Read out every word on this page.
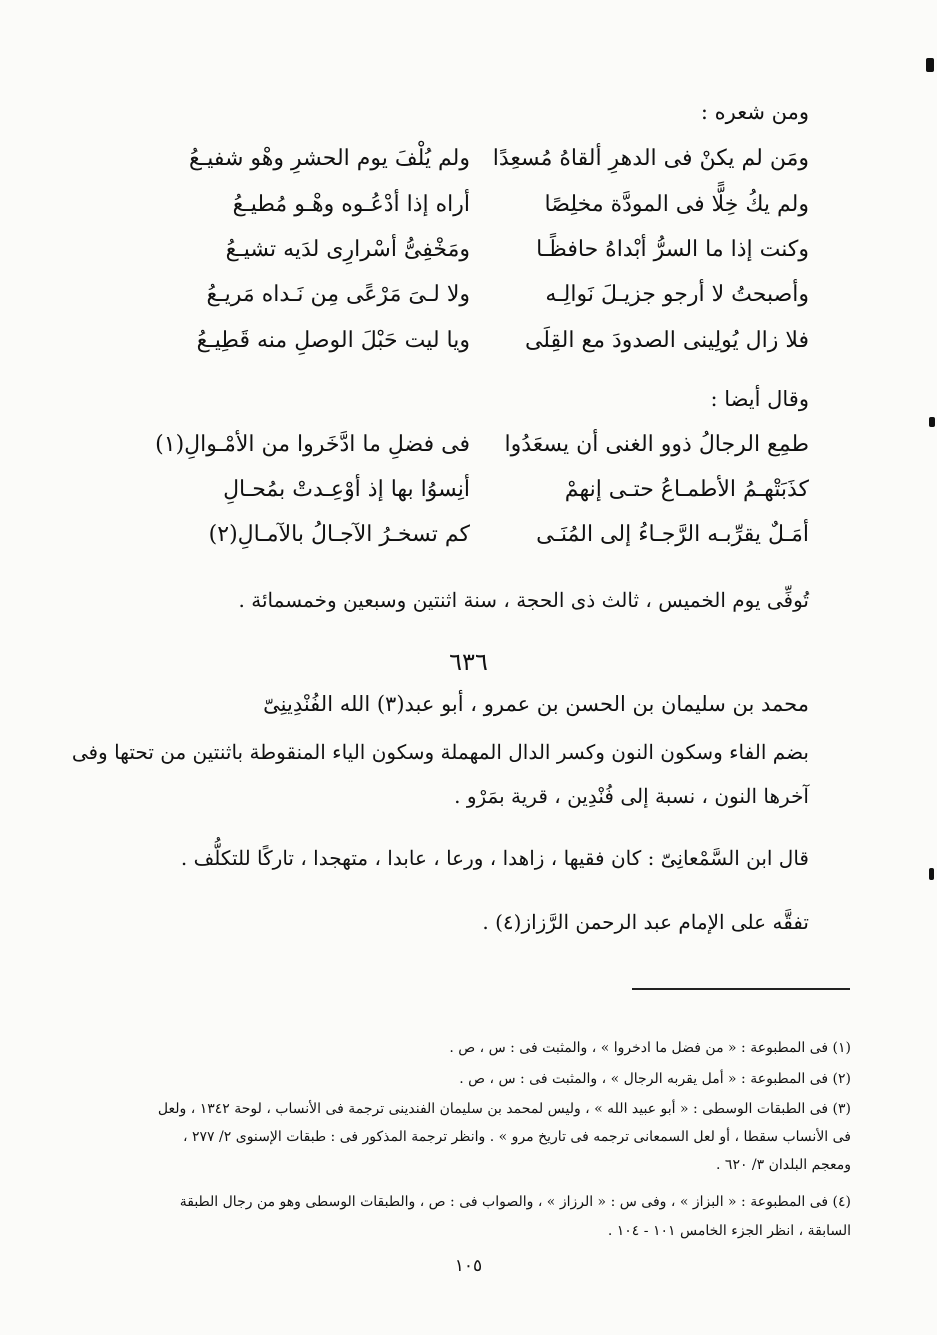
ومن شعره :
ومَن لم يكنْ فى الدهرِ ألقاهُ مُسعِدًا
ولم يُلْفَ يوم الحشرِ وهْو شفيـعُ
ولم يكُ خِلًّا فى المودَّة مخلِصًا
أراه إذا أدْعُـوه وهْـو مُطيـعُ
وكنت إذا ما السرُّ أبْداهُ حافظًـا
ومَخْفِىُّ أسْرارِى لدَيه تشيـعُ
وأصبحتُ لا أرجو جزيـلَ نَوالِـه
ولا لـىَ مَرْعًى مِن نَـداه مَريـعُ
فلا زال يُولِينى الصدودَ مع القِلَى
ويا ليت حَبْلَ الوصلِ منه قَطِيـعُ
وقال أيضا :
طمِع الرجالُ ذوو الغنى أن يسعَدُوا
فى فضلِ ما ادَّخَروا من الأمْـوالِ(١)
كذَبَتْهـمُ الأطمـاعُ حتـى إنهمْ
أنِسوُا بها إذ أوْعِـدتْ بمُحـالِ
أمَـلٌ يقرِّبـه الرَّجـاءُ إلى المُنَـى
كم تسخـرُ الآجـالُ بالآمـالِ(٢)
تُوفِّى يوم الخميس ، ثالث ذى الحجة ، سنة اثنتين وسبعين وخمسمائة .
٦٣٦
محمد بن سليمان بن الحسن بن عمرو ، أبو عبد(٣) الله الفُنْدِينِىّ
بضم الفاء وسكون النون وكسر الدال المهملة وسكون الياء المنقوطة باثنتين من تحتها وفى
آخرها النون ، نسبة إلى فُنْدِين ، قرية بمَرْو .
قال ابن السَّمْعانِىّ : كان فقيها ، زاهدا ، ورعا ، عابدا ، متهجدا ، تاركًا للتكلُّف .
تفقَّه على الإمام عبد الرحمن الرَّزاز(٤) .
(١) فى المطبوعة : « من فضل ما ادخروا » ، والمثبت فى : س ، ص .
(٢) فى المطبوعة : « أمل يقربه الرجال » ، والمثبت فى : س ، ص .
(٣) فى الطبقات الوسطى : « أبو عبيد الله » ، وليس لمحمد بن سليمان الفندينى ترجمة فى الأنساب ، لوحة ١٣٤٢ ، ولعل
فى الأنساب سقطا ، أو لعل السمعانى ترجمه فى تاريخ مرو » . وانظر ترجمة المذكور فى : طبقات الإسنوى ٢/ ٢٧٧ ،
ومعجم البلدان ٣/ ٦٢٠ .
(٤) فى المطبوعة : « البزاز » ، وفى س : « الرزاز » ، والصواب فى : ص ، والطبقات الوسطى وهو من رجال الطبقة
السابقة ، انظر الجزء الخامس ١٠١ - ١٠٤ .
١٠٥
